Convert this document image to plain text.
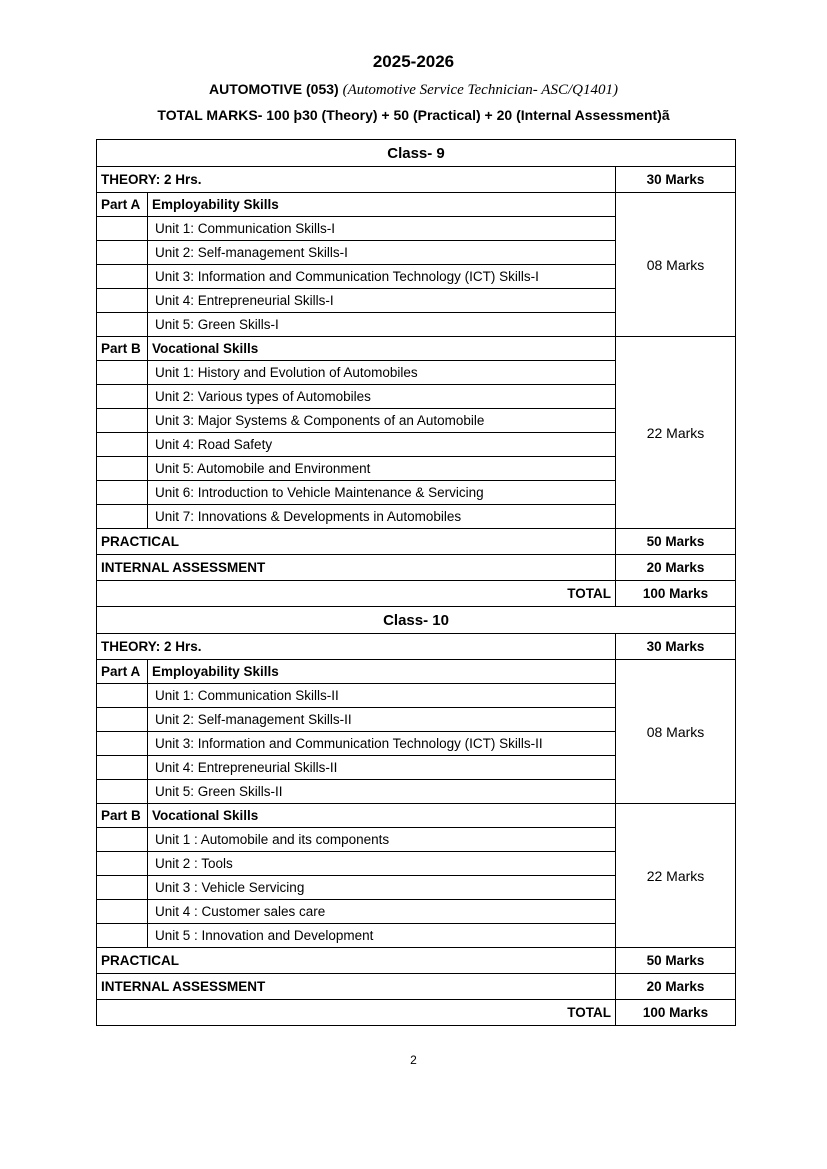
2025-2026
AUTOMOTIVE (053) (Automotive Service Technician- ASC/Q1401)
TOTAL MARKS- 100 þ30 (Theory) + 50 (Practical) + 20 (Internal Assessment)ã
Class- 9		
THEORY: 2 Hrs.		30 Marks
Part A	Employability Skills	08 Marks
	Unit 1: Communication Skills-I	
	Unit 2: Self-management Skills-I	
	Unit 3: Information and Communication Technology (ICT) Skills-I	
	Unit 4: Entrepreneurial Skills-I	
	Unit 5: Green Skills-I	
Part B	Vocational Skills	22 Marks
	Unit 1: History and Evolution of Automobiles	
	Unit 2: Various types of Automobiles	
	Unit 3: Major Systems & Components of an Automobile	
	Unit 4: Road Safety	
	Unit 5: Automobile and Environment	
	Unit 6: Introduction to Vehicle Maintenance & Servicing	
	Unit 7: Innovations & Developments in Automobiles	
PRACTICAL		50 Marks
INTERNAL ASSESSMENT		20 Marks
TOTAL		100 Marks
Class- 10		
THEORY: 2 Hrs.		30 Marks
Part A	Employability Skills	08 Marks
	Unit 1: Communication Skills-II	
	Unit 2: Self-management Skills-II	
	Unit 3: Information and Communication Technology (ICT) Skills-II	
	Unit 4: Entrepreneurial Skills-II	
	Unit 5: Green Skills-II	
Part B	Vocational Skills	22 Marks
	Unit 1 : Automobile and its components	
	Unit 2 : Tools	
	Unit 3 : Vehicle Servicing	
	Unit 4 : Customer sales care	
	Unit 5 : Innovation and Development	
PRACTICAL		50 Marks
INTERNAL ASSESSMENT		20 Marks
TOTAL		100 Marks
2
